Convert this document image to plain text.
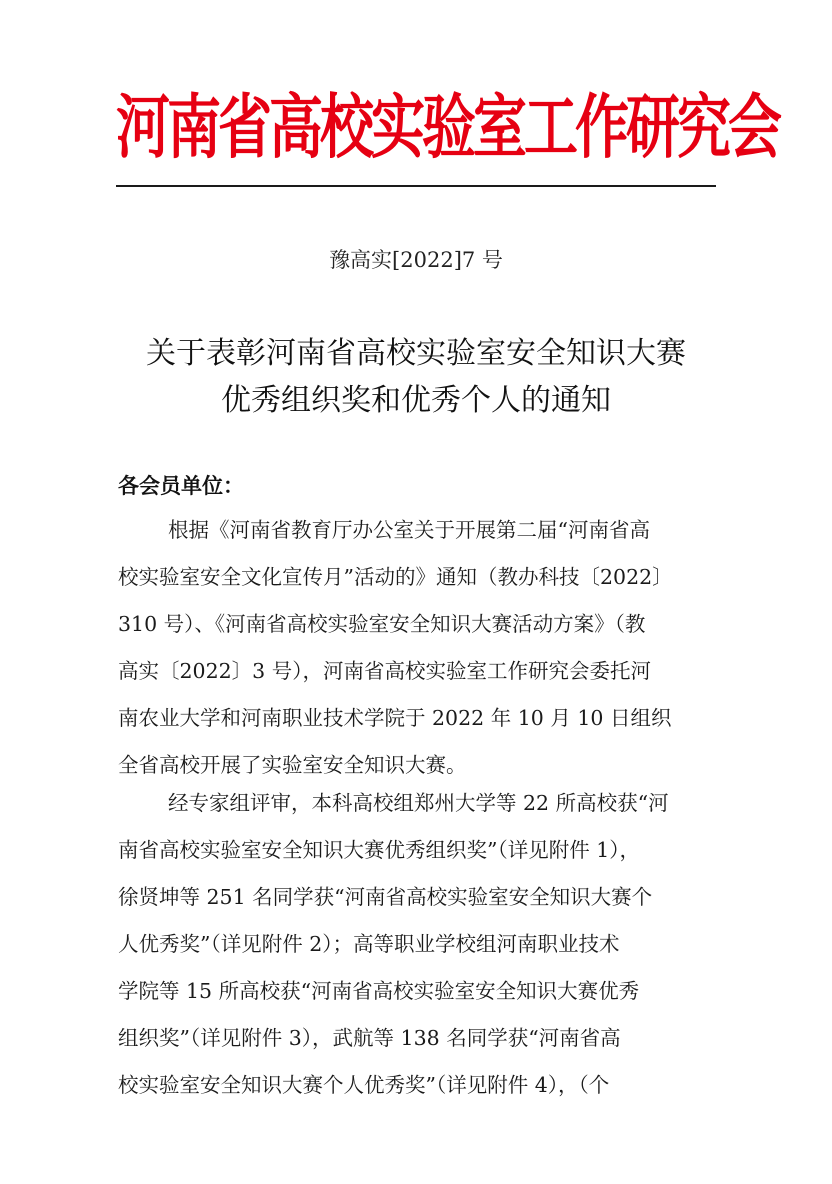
河南省高校实验室工作研究会
豫高实[2022]7 号
关于表彰河南省高校实验室安全知识大赛
优秀组织奖和优秀个人的通知
各会员单位：
根据《河南省教育厅办公室关于开展第二届“河南省高
校实验室安全文化宣传月”活动的》通知（教办科技〔2022〕
310 号）、《河南省高校实验室安全知识大赛活动方案》（教
高实〔2022〕3 号），河南省高校实验室工作研究会委托河
南农业大学和河南职业技术学院于 2022 年 10 月 10 日组织
全省高校开展了实验室安全知识大赛。
经专家组评审，本科高校组郑州大学等 22 所高校获“河
南省高校实验室安全知识大赛优秀组织奖”（详见附件 1），
徐贤坤等 251 名同学获“河南省高校实验室安全知识大赛个
人优秀奖”（详见附件 2）；高等职业学校组河南职业技术
学院等 15 所高校获“河南省高校实验室安全知识大赛优秀
组织奖”（详见附件 3），武航等 138 名同学获“河南省高
校实验室安全知识大赛个人优秀奖”（详见附件 4），（个
